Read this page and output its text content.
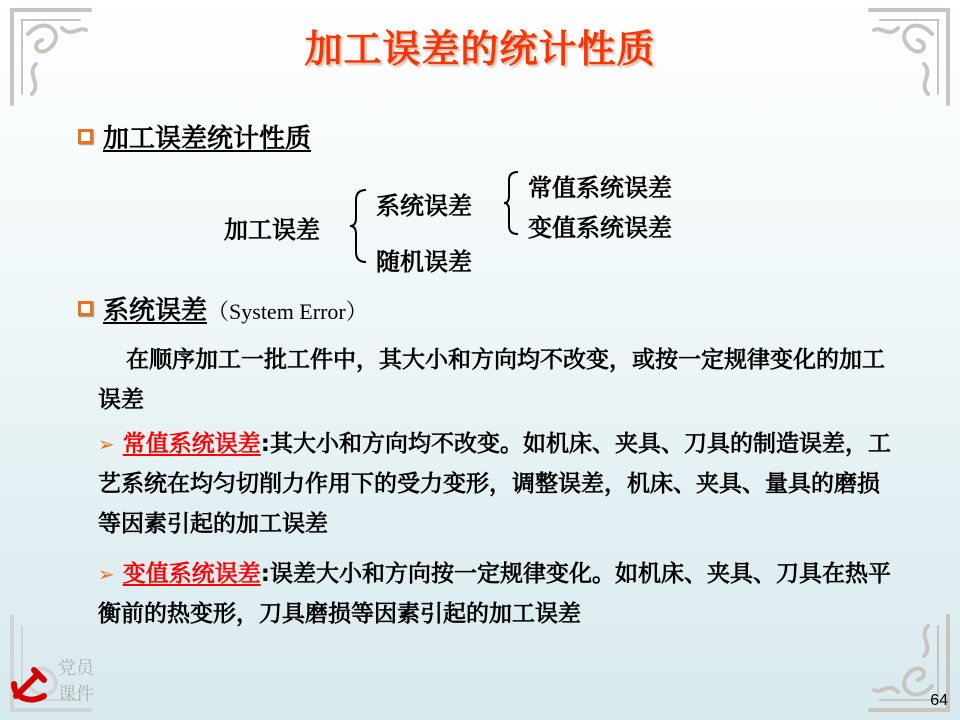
加工误差的统计性质
加工误差统计性质
加工误差
系统误差
随机误差
常值系统误差
变值系统误差
系统误差（System Error）
在顺序加工一批工件中，其大小和方向均不改变，或按一定规律变化的加工误差
➢ 常值系统误差:其大小和方向均不改变。如机床、夹具、刀具的制造误差，工艺系统在均匀切削力作用下的受力变形，调整误差，机床、夹具、量具的磨损等因素引起的加工误差
➢ 变值系统误差:误差大小和方向按一定规律变化。如机床、夹具、刀具在热平衡前的热变形，刀具磨损等因素引起的加工误差
党员
课件	64
